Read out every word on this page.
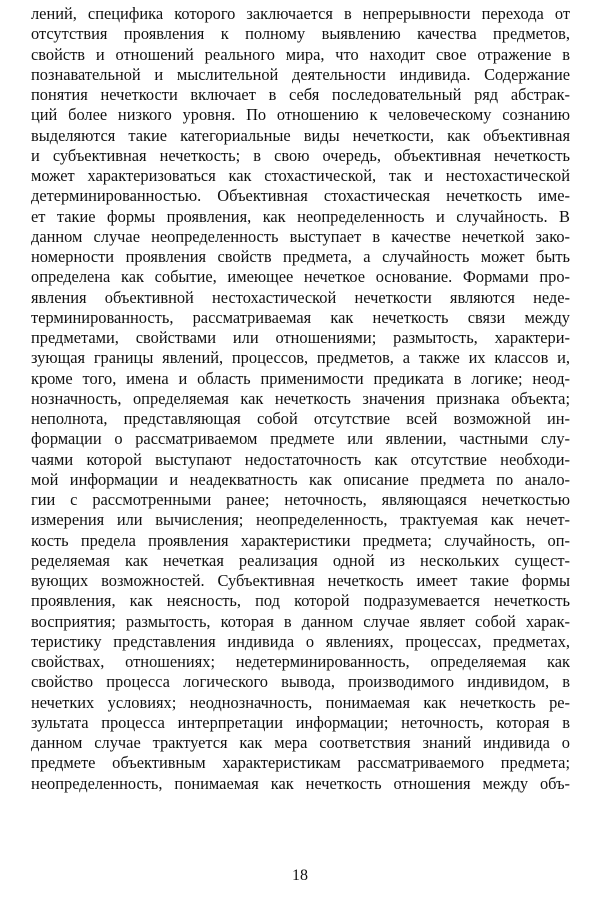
лений, специфика которого заключается в непрерывности перехода от
отсутствия проявления к полному выявлению качества предметов,
свойств и отношений реального мира, что находит свое отражение в
познавательной и мыслительной деятельности индивида. Содержание
понятия нечеткости включает в себя последовательный ряд абстрак-
ций более низкого уровня. По отношению к человеческому сознанию
выделяются такие категориальные виды нечеткости, как объективная
и субъективная нечеткость; в свою очередь, объективная нечеткость
может характеризоваться как стохастической, так и нестохастической
детерминированностью. Объективная стохастическая нечеткость име-
ет такие формы проявления, как неопределенность и случайность. В
данном случае неопределенность выступает в качестве нечеткой зако-
номерности проявления свойств предмета, а случайность может быть
определена как событие, имеющее нечеткое основание. Формами про-
явления объективной нестохастической нечеткости являются неде-
терминированность, рассматриваемая как нечеткость связи между
предметами, свойствами или отношениями; размытость, характери-
зующая границы явлений, процессов, предметов, а также их классов и,
кроме того, имена и область применимости предиката в логике; неод-
нозначность, определяемая как нечеткость значения признака объекта;
неполнота, представляющая собой отсутствие всей возможной ин-
формации о рассматриваемом предмете или явлении, частными слу-
чаями которой выступают недостаточность как отсутствие необходи-
мой информации и неадекватность как описание предмета по анало-
гии с рассмотренными ранее; неточность, являющаяся нечеткостью
измерения или вычисления; неопределенность, трактуемая как нечет-
кость предела проявления характеристики предмета; случайность, оп-
ределяемая как нечеткая реализация одной из нескольких сущест-
вующих возможностей. Субъективная нечеткость имеет такие формы
проявления, как неясность, под которой подразумевается нечеткость
восприятия; размытость, которая в данном случае являет собой харак-
теристику представления индивида о явлениях, процессах, предметах,
свойствах, отношениях; недетерминированность, определяемая как
свойство процесса логического вывода, производимого индивидом, в
нечетких условиях; неоднозначность, понимаемая как нечеткость ре-
зультата процесса интерпретации информации; неточность, которая в
данном случае трактуется как мера соответствия знаний индивида о
предмете объективным характеристикам рассматриваемого предмета;
неопределенность, понимаемая как нечеткость отношения между объ-
18
